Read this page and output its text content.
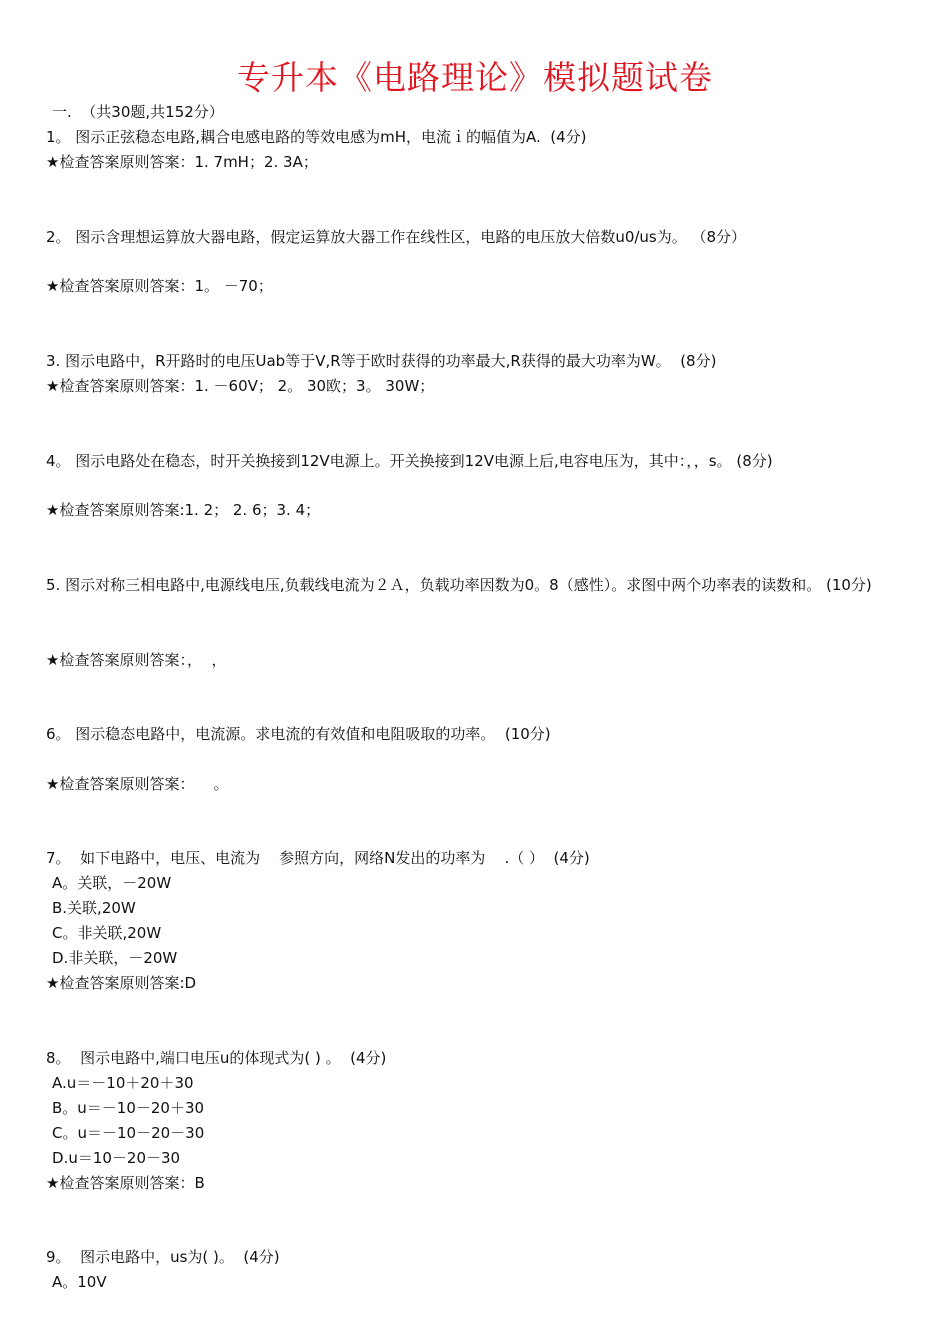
专升本《电路理论》模拟题试卷
一.  （共30题,共152分）
1。 图示正弦稳态电路,耦合电感电路的等效电感为mH，电流ｉ的幅值为A.  (4分)
★检查答案原则答案：1. 7mH；2. 3A；
2。 图示含理想运算放大器电路，假定运算放大器工作在线性区，电路的电压放大倍数u0/us为。 （8分）
★检查答案原则答案：1。 －70；
3. 图示电路中，R开路时的电压Uab等于V,R等于欧时获得的功率最大,R获得的最大功率为W。  (8分)
★检查答案原则答案：1. －60V； 2。 30欧；3。 30W；
4。 图示电路处在稳态，时开关换接到12V电源上。开关换接到12V电源上后,电容电压为，其中：，，s。 (8分)
★检查答案原则答案:1. 2； 2. 6；3. 4；
5. 图示对称三相电路中,电源线电压,负载线电流为２Ａ，负载功率因数为0。8（感性）。求图中两个功率表的读数和。 (10分)
★检查答案原则答案：，  ，
6。 图示稳态电路中，电流源。求电流的有效值和电阻吸取的功率。  (10分)
★检查答案原则答案：    。
7。  如下电路中，电压、电流为    参照方向，网络N发出的功率为    .（ ）  (4分)
A。关联，－20W
B.关联,20W
C。非关联,20W
D.非关联，－20W
★检查答案原则答案:D
8。  图示电路中,端口电压u的体现式为( ) 。  (4分)
A.u＝－10＋20＋30
B。u＝－10－20＋30
C。u＝－10－20－30
D.u＝10－20－30
★检查答案原则答案：B
9。  图示电路中，us为( )。  (4分)
A。10V
